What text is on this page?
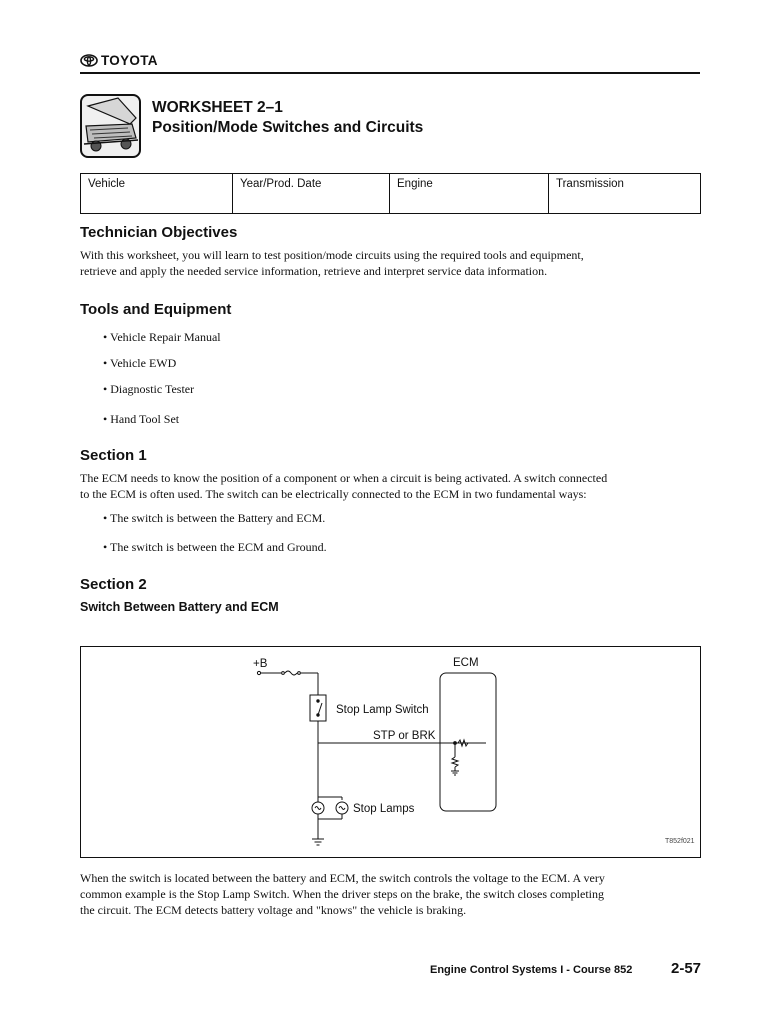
TOYOTA
WORKSHEET 2–1
Position/Mode Switches and Circuits
Vehicle	Year/Prod. Date	Engine	Transmission
Technician Objectives
With this worksheet, you will learn to test position/mode circuits using the required tools and equipment,
retrieve and apply the needed service information, retrieve and interpret service data information.
Tools and Equipment
• Vehicle Repair Manual
• Vehicle EWD
• Diagnostic Tester
• Hand Tool Set
Section 1
The ECM needs to know the position of a component or when a circuit is being activated. A switch connected
to the ECM is often used. The switch can be electrically connected to the ECM in two fundamental ways:
• The switch is between the Battery and ECM.
• The switch is between the ECM and Ground.
Section 2
Switch Between Battery and ECM
+B	ECM
Stop Lamp Switch
STP or BRK
Stop Lamps
T852f021
When the switch is located between the battery and ECM, the switch controls the voltage to the ECM. A very
common example is the Stop Lamp Switch. When the driver steps on the brake, the switch closes completing
the circuit. The ECM detects battery voltage and "knows" the vehicle is braking.
Engine Control Systems I - Course 852	2-57
